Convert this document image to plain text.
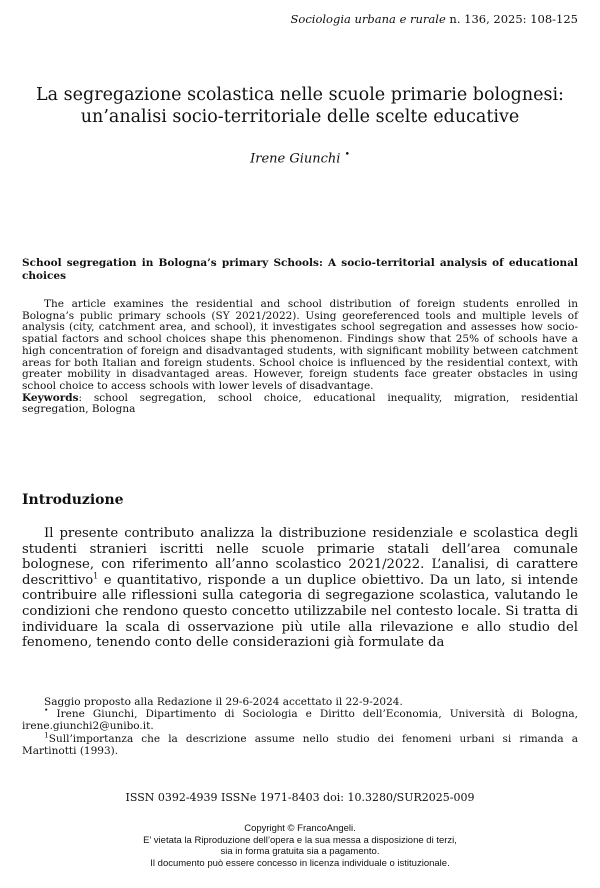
Sociologia urbana e rurale n. 136, 2025: 108-125
La segregazione scolastica nelle scuole primarie bolognesi:
un’analisi socio-territoriale delle scelte educative
Irene Giunchi •
School segregation in Bologna’s primary Schools: A socio-territorial analysis of educational choices

The article examines the residential and school distribution of foreign students enrolled in Bologna’s public primary schools (SY 2021/2022). Using georeferenced tools and multiple levels of analysis (city, catchment area, and school), it investigates school segregation and assesses how socio-spatial factors and school choices shape this phenomenon. Findings show that 25% of schools have a high concentration of foreign and disadvantaged students, with significant mobility between catchment areas for both Italian and foreign students. School choice is influenced by the residential context, with greater mobility in disadvantaged areas. However, foreign students face greater obstacles in using school choice to access schools with lower levels of disadvantage.

Keywords: school segregation, school choice, educational inequality, migration, residential segregation, Bologna

Introduzione

Il presente contributo analizza la distribuzione residenziale e scolastica degli studenti stranieri iscritti nelle scuole primarie statali dell’area comunale bolognese, con riferimento all’anno scolastico 2021/2022. L’analisi, di carattere descrittivo$^1$ e quantitativo, risponde a un duplice obiettivo. Da un lato, si intende contribuire alle riflessioni sulla categoria di segregazione scolastica, valutando le condizioni che rendono questo concetto utilizzabile nel contesto locale. Si tratta di individuare la scala di osservazione più utile alla rilevazione e allo studio del fenomeno, tenendo conto delle considerazioni già formulate da

Saggio proposto alla Redazione il 29-6-2024 accettato il 22-9-2024.

• Irene Giunchi, Dipartimento di Sociologia e Diritto dell’Economia, Università di Bologna, irene.giunchi2@unibo.it.

$^1$Sull’importanza che la descrizione assume nello studio dei fenomeni urbani si rimanda a Martinotti (1993).

ISSN 0392-4939 ISSNe 1971-8403 doi: 10.3280/SUR2025-009
Copyright © FrancoAngeli.
E’ vietata la Riproduzione dell’opera e la sua messa a disposizione di terzi,
sia in forma gratuita sia a pagamento.
Il documento può essere concesso in licenza individuale o istituzionale.
